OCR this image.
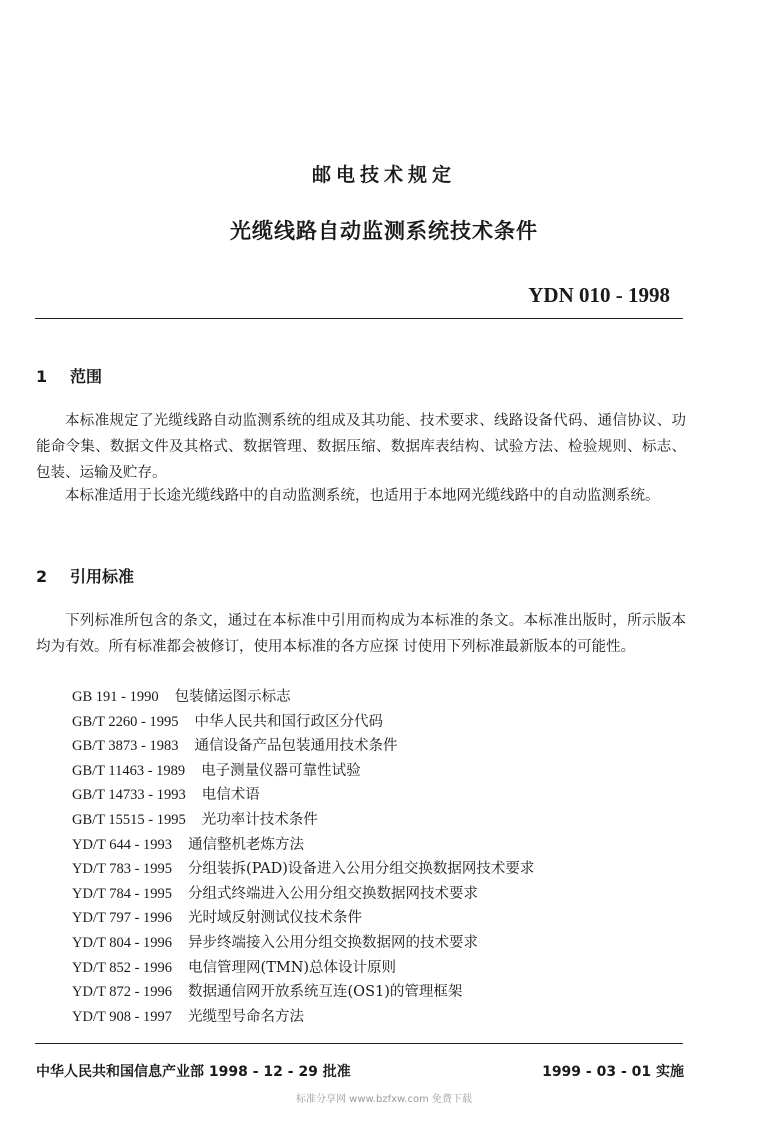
邮电技术规定
光缆线路自动监测系统技术条件
YDN 010 - 1998
1 范围

本标准规定了光缆线路自动监测系统的组成及其功能、技术要求、线路设备代码、通信协议、功能命令集、数据文件及其格式、数据管理、数据压缩、数据库表结构、试验方法、检验规则、标志、包装、运输及贮存。

本标准适用于长途光缆线路中的自动监测系统，也适用于本地网光缆线路中的自动监测系统。

2 引用标准

下列标准所包含的条文，通过在本标准中引用而构成为本标准的条文。本标准出版时，所示版本均为有效。所有标准都会被修订，使用本标准的各方应探 讨使用下列标准最新版本的可能性。

GB 191 - 1990 包装储运图示标志
GB/T 2260 - 1995 中华人民共和国行政区分代码
GB/T 3873 - 1983 通信设备产品包装通用技术条件
GB/T 11463 - 1989 电子测量仪器可靠性试验
GB/T 14733 - 1993 电信术语
GB/T 15515 - 1995 光功率计技术条件
YD/T 644 - 1993 通信整机老炼方法
YD/T 783 - 1995 分组装拆(PAD)设备进入公用分组交换数据网技术要求
YD/T 784 - 1995 分组式终端进入公用分组交换数据网技术要求
YD/T 797 - 1996 光时域反射测试仪技术条件
YD/T 804 - 1996 异步终端接入公用分组交换数据网的技术要求
YD/T 852 - 1996 电信管理网(TMN)总体设计原则
YD/T 872 - 1996 数据通信网开放系统互连(OS1)的管理框架
YD/T 908 - 1997 光缆型号命名方法
中华人民共和国信息产业部 1998 - 12 - 29 批准	1999 - 03 - 01 实施
标准分享网 www.bzfxw.com 免费下载
